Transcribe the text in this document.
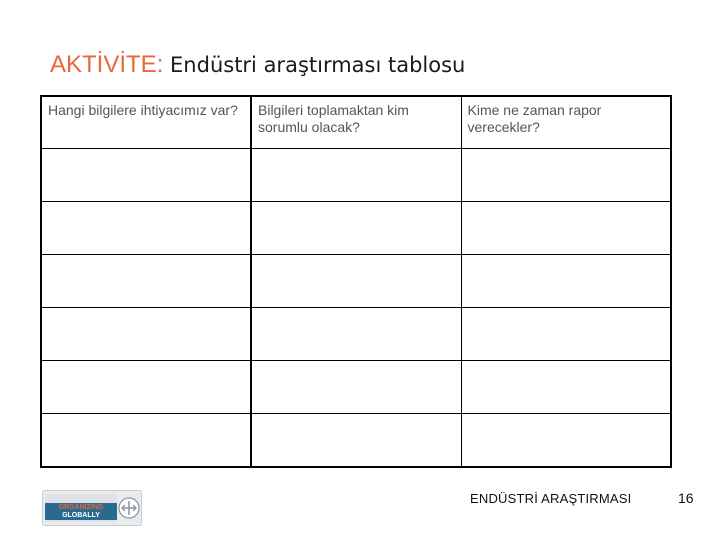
AKTİVİTE: Endüstri araştırması tablosu
Hangi bilgilere ihtiyacımız var?	Bilgileri toplamaktan kim sorumlu olacak?	Kime ne zaman rapor verecekler?

ORGANIZING
GLOBALLY
ENDÜSTRİ ARAŞTIRMASI	16
